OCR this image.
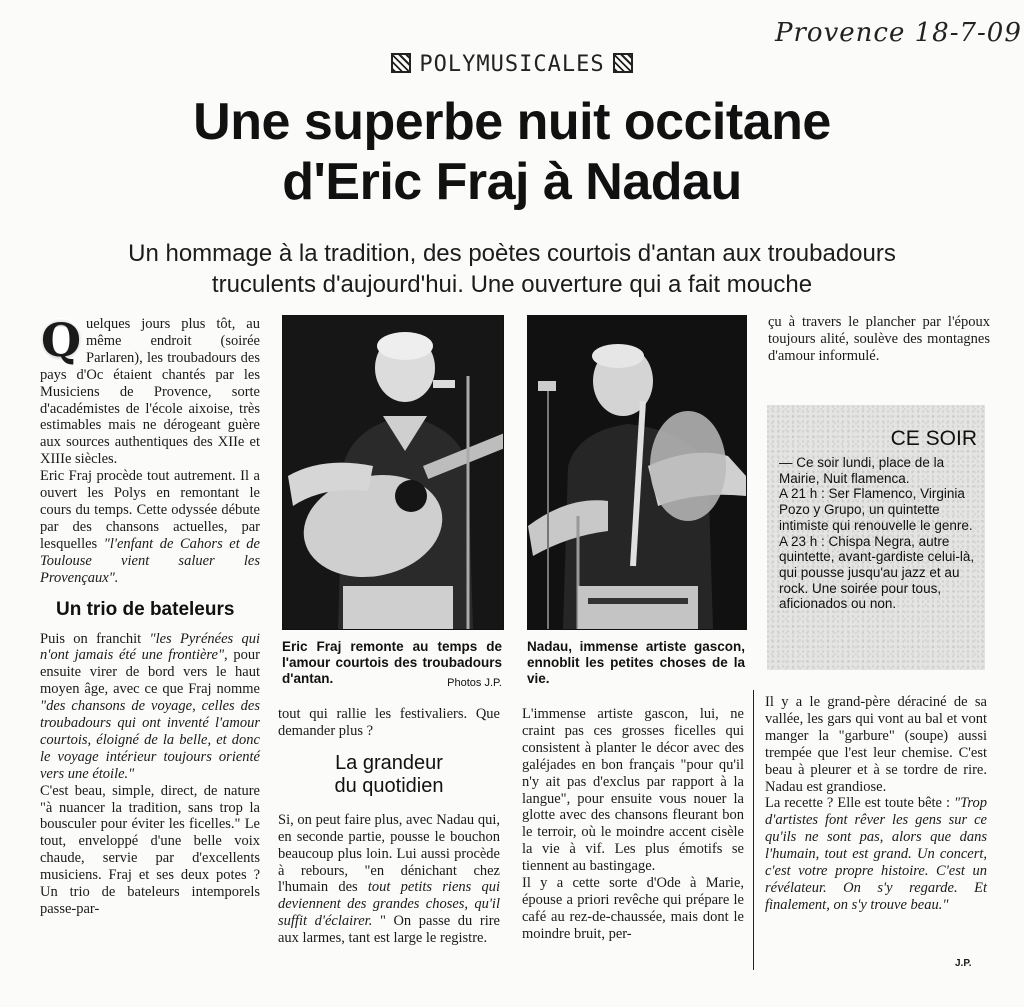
Provence 18-7-09
POLYMUSICALES
Une superbe nuit occitane
d'Eric Fraj à Nadau
Un hommage à la tradition, des poètes courtois d'antan aux troubadours
truculents d'aujourd'hui. Une ouverture qui a fait mouche

Q uelques jours plus tôt, au même endroit (soirée Parlaren), les troubadours des pays d'Oc étaient chantés par les Musiciens de Provence, sorte d'académistes de l'école aixoise, très estimables mais ne dérogeant guère aux sources authentiques des XIIe et XIIIe siècles.

Eric Fraj procède tout autrement. Il a ouvert les Polys en remontant le cours du temps. Cette odyssée débute par des chansons actuelles, par lesquelles "l'enfant de Cahors et de Toulouse vient saluer les Provençaux".

Un trio de bateleurs

Puis on franchit "les Pyrénées qui n'ont jamais été une frontière", pour ensuite virer de bord vers le haut moyen âge, avec ce que Fraj nomme "des chansons de voyage, celles des troubadours qui ont inventé l'amour courtois, éloigné de la belle, et donc le voyage intérieur toujours orienté vers une étoile."

C'est beau, simple, direct, de nature "à nuancer la tradition, sans trop la bousculer pour éviter les ficelles." Le tout, enveloppé d'une belle voix chaude, servie par d'excellents musiciens. Fraj et ses deux potes ? Un trio de bateleurs intemporels passe-par-

Eric Fraj remonte au temps de l'amour courtois des troubadours d'antan.	Photos J.P.
Nadau, immense artiste gascon, ennoblit les petites choses de la vie.

tout qui rallie les festivaliers. Que demander plus ?

La grandeur
du quotidien

Si, on peut faire plus, avec Nadau qui, en seconde partie, pousse le bouchon beaucoup plus loin. Lui aussi procède à rebours, "en dénichant chez l'humain des tout petits riens qui deviennent des grandes choses, qu'il suffit d'éclairer. " On passe du rire aux larmes, tant est large le registre.

L'immense artiste gascon, lui, ne craint pas ces grosses ficelles qui consistent à planter le décor avec des galéjades en bon français "pour qu'il n'y ait pas d'exclus par rapport à la langue", pour ensuite vous nouer la glotte avec des chansons fleurant bon le terroir, où le moindre accent cisèle la vie à vif. Les plus émotifs se tiennent au bastingage.

Il y a cette sorte d'Ode à Marie, épouse a priori revêche qui prépare le café au rez-de-chaussée, mais dont le moindre bruit, per-

çu à travers le plancher par l'époux toujours alité, soulève des montagnes d'amour informulé.

CE SOIR
— Ce soir lundi, place de la Mairie, Nuit flamenca.
A 21 h : Ser Flamenco, Virginia Pozo y Grupo, un quintette intimiste qui renouvelle le genre.
A 23 h : Chispa Negra, autre quintette, avant-gardiste celui-là, qui pousse jusqu'au jazz et au rock. Une soirée pour tous, aficionados ou non.

Il y a le grand-père déraciné de sa vallée, les gars qui vont au bal et vont manger la "garbure" (soupe) aussi trempée que l'est leur chemise. C'est beau à pleurer et à se tordre de rire. Nadau est grandiose.

La recette ? Elle est toute bête : "Trop d'artistes font rêver les gens sur ce qu'ils ne sont pas, alors que dans l'humain, tout est grand. Un concert, c'est votre propre histoire. C'est un révélateur. On s'y regarde. Et finalement, on s'y trouve beau."

J.P.
